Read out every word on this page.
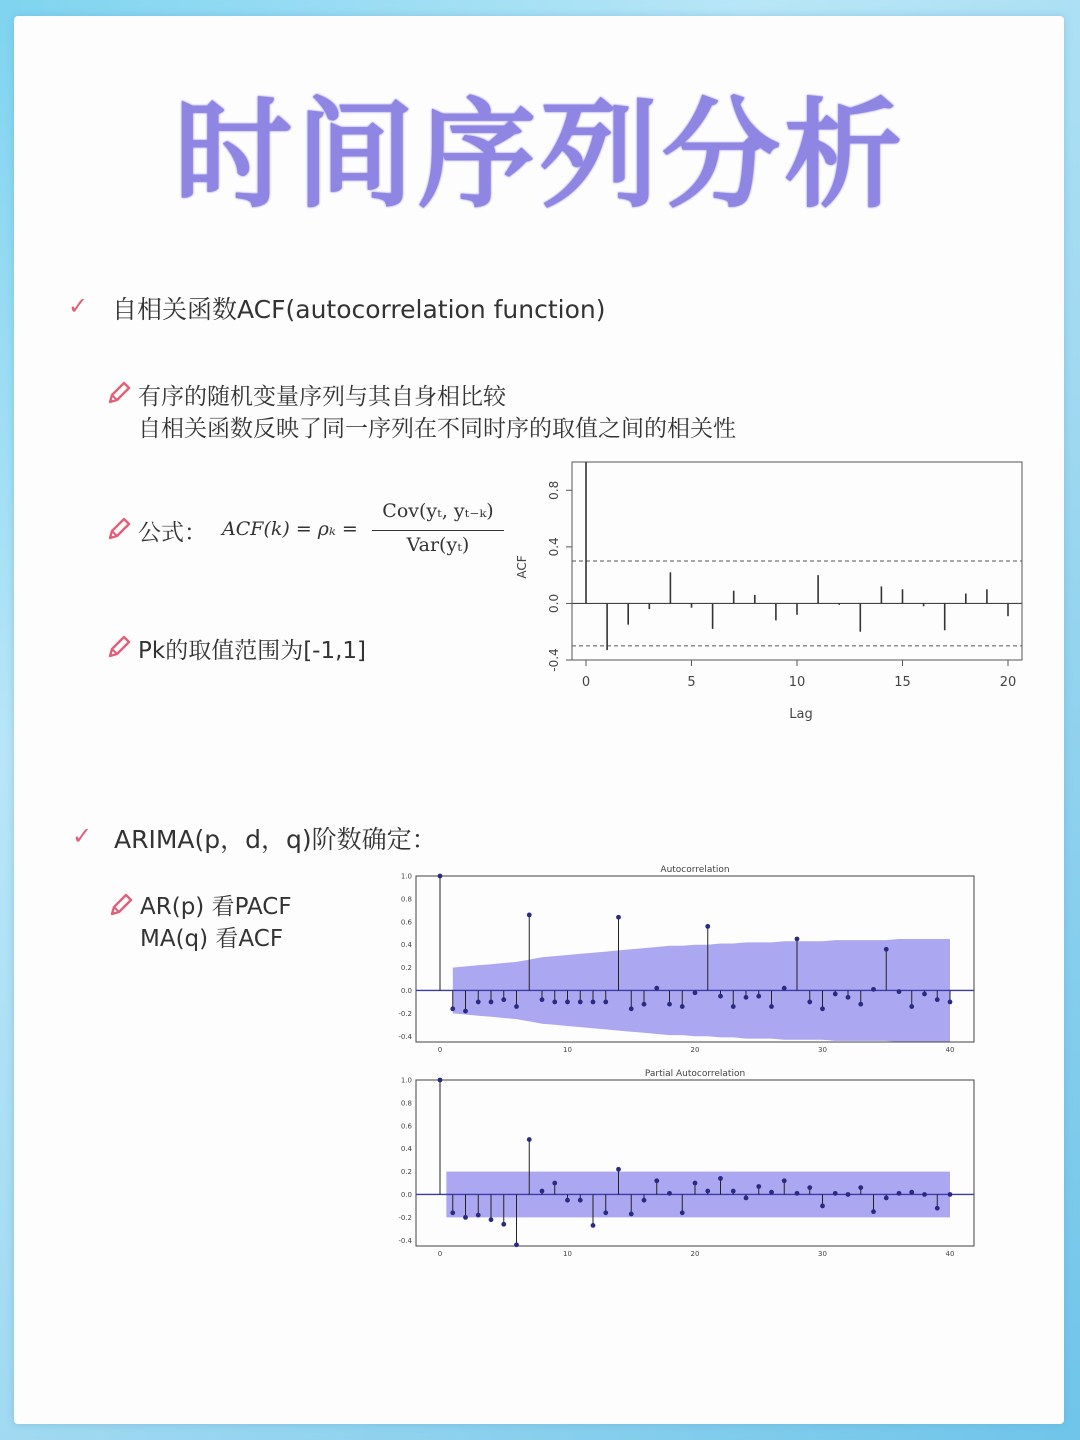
时间序列分析
✓ 自相关函数ACF(autocorrelation function)
有序的随机变量序列与其自身相比较
自相关函数反映了同一序列在不同时序的取值之间的相关性
公式： ACF(k) = ρₖ =
Cov(yₜ, yₜ₋ₖ)
Var(yₜ)
Pk的取值范围为[-1,1]
0	5	10	15	20
-0.4
0.0
0.4
0.8
Lag
ACF
✓ ARIMA(p，d，q)阶数确定：
AR(p) 看PACF
MA(q) 看ACF
Autocorrelation
0	10	20	30	40
-0.4
-0.2
0.0
0.2
0.4
0.6
0.8
1.0
Partial Autocorrelation
0	10	20	30	40
-0.4
-0.2
0.0
0.2
0.4
0.6
0.8
1.0
